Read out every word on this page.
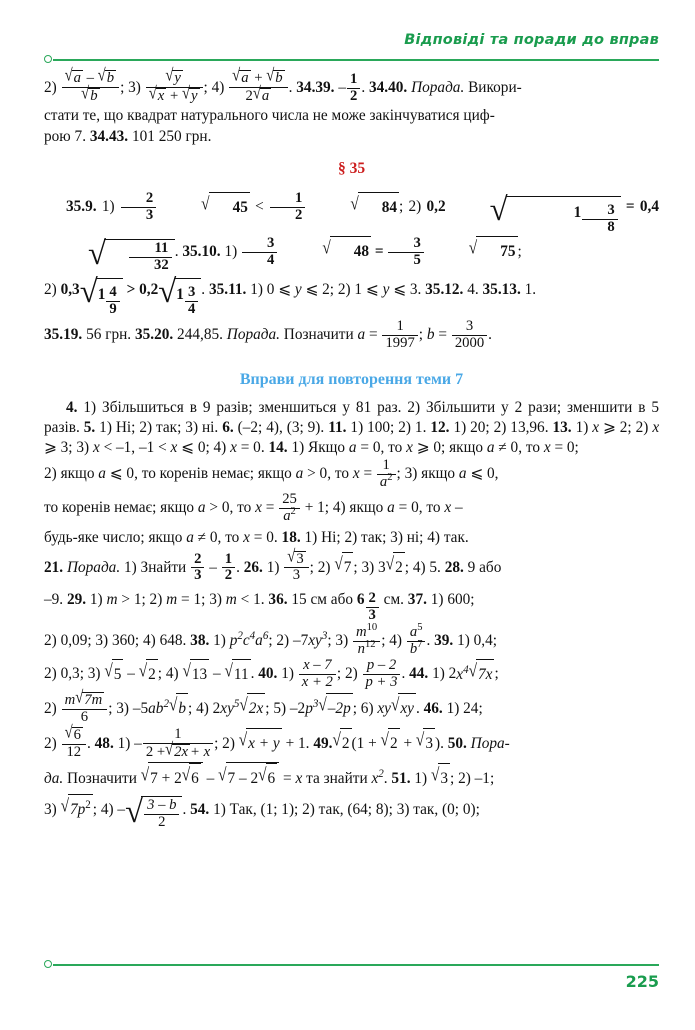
Відповіді та поради до вправ

$2) \frac{√a - √b}{√b}$ ; $3) \frac{√y}{√x + √y}$ ; $4) \frac{√a + √b}{2√a}$ . 34.39. – $\frac{1}{2}$ . 34.40. Порада. Викори-

стати те, що квадрат натурального числа не може закінчуватися циф-

рою 7. 34.43. 101 250 грн.

§ 35

35.9. $1) \frac{2}{3}$	√ $45 < \frac{1}{2}$	√ 84 ; 2) 0,2 √	$1 \frac{3}{8} = 0,4√ \frac{11}{32}$ . 35.10. $1) \frac{3}{4}$	√ $48 = \frac{3}{5}$	√ 75 ;

2) $0,3√1 \frac{4}{9} > 0,2√1 \frac{3}{4}$ . 35.11. 1) 0 ⩽ y ⩽ 2; 2) 1 ⩽ y ⩽ 3. 35.12. 4. 35.13. 1.

35.19. 56 грн. 35.20. 244,85. Порада. Позначити $a = \frac{1}{1997}$ ; $b = \frac{3}{2000}$ .

Вправи для повторення теми 7

4. 1) Збільшиться в 9 разів; зменшиться у 81 раз. 2) Збільшити у 2 рази; зменшити в 5 разів. 5. 1) Ні; 2) так; 3) ні. 6. (–2; 4), (3; 9). 11. 1) 100; 2) 1. 12. 1) 20; 2) 13,96. 13. 1) x ⩾ 2; 2) x ⩾ 3; 3) x < –1, –1 < x ⩽ 0; 4) x = 0. 14. 1) Якщо a = 0, то x ⩾ 0; якщо a ≠ 0, то x = 0;

2) якщо a ⩽ 0, то коренів немає; якщо a > 0, то $x = \frac{1}{a^2}$ ; 3) якщо a ⩽ 0,

то коренів немає; якщо a > 0, то $x = \frac{25}{a^2} + 1$; 4) якщо a = 0, то x –

будь-яке число; якщо a ≠ 0, то x = 0. 18. 1) Ні; 2) так; 3) ні; 4) так.

21. Порада. 1) Знайти $\frac{2}{3} - \frac{1}{2}$ . 26. $1) \frac{√3}{3}$ ; 2) √7 ; 3) 3√2 ; 4) 5. 28. 9 або

–9. 29. 1) m > 1; 2) m = 1; 3) m < 1. 36. 15 см або $6 \frac{2}{3}$ см. 37. 1) 600;

2) 0,09; 3) 360; 4) 648. 38. 1) $p^2c^4a^6$; 2) $-7xy^3$; $3) \frac{m^{10}}{n^{12}}$ ; $4) \frac{a^5}{b^7}$ . 39. 1) 0,4;

2) 0,3; 3) √5 – √2 ; 4) √13 – √11 . 40. $1) \frac{x - 7}{x + 2}$ ; $2) \frac{p - 2}{p + 3}$ . 44. 1) $2x^4√7x$ ;

$2) \frac{m√7m}{6}$ ; 3) $-5ab^2√b$ ; 4) $2xy^5√2x$ ; 5) $-2p^3√-2p$ ; 6) xy√xy . 46. 1) 24;

$2) \frac{√6}{12}$ . 48. $1) - \frac{1}{2 +√2x + x}$ ; 2) √x + y + 1. 49.√2 (1 + √2 + √3 ). 50. Пора-

да. Позначити √7 + 2√6 – √7 – 2√6 = x та знайти $x^2$. 51. 1) √3 ; 2) –1;

3) $√7p^2$ ; 4) –√ $\frac{3 - b}{2}$ . 54. 1) Так, (1; 1); 2) так, (64; 8); 3) так, (0; 0);

225
